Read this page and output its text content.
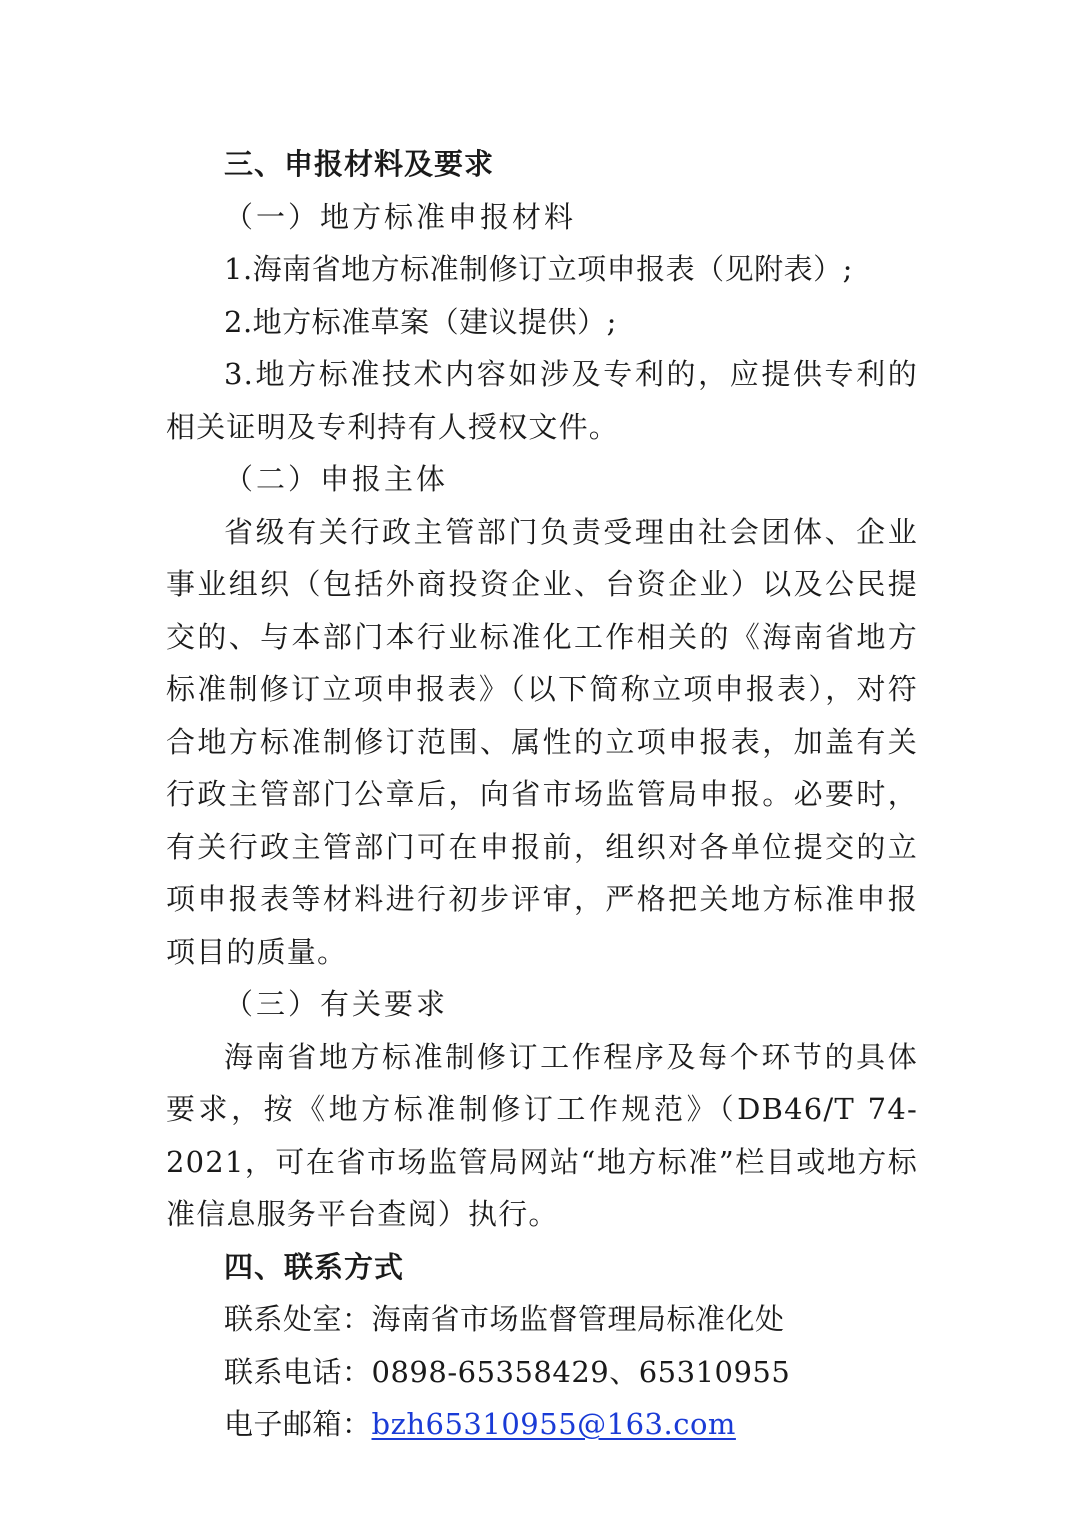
三、申报材料及要求
（一）地方标准申报材料
1.海南省地方标准制修订立项申报表（见附表）;
2.地方标准草案（建议提供）;

3.地方标准技术内容如涉及专利的，应提供专利的相关证明及专利持有人授权文件。

（二）申报主体

省级有关行政主管部门负责受理由社会团体、企业事业组织（包括外商投资企业、台资企业）以及公民提交的、与本部门本行业标准化工作相关的《海南省地方标准制修订立项申报表》（以下简称立项申报表），对符合地方标准制修订范围、属性的立项申报表，加盖有关行政主管部门公章后，向省市场监管局申报。必要时，有关行政主管部门可在申报前，组织对各单位提交的立项申报表等材料进行初步评审，严格把关地方标准申报项目的质量。

（三）有关要求

海南省地方标准制修订工作程序及每个环节的具体要求，按《地方标准制修订工作规范》（DB46/T 74-2021，可在省市场监管局网站“地方标准”栏目或地方标准信息服务平台查阅）执行。

四、联系方式
联系处室：海南省市场监督管理局标准化处
联系电话：0898-65358429、65310955
电子邮箱：bzh65310955@163.com
